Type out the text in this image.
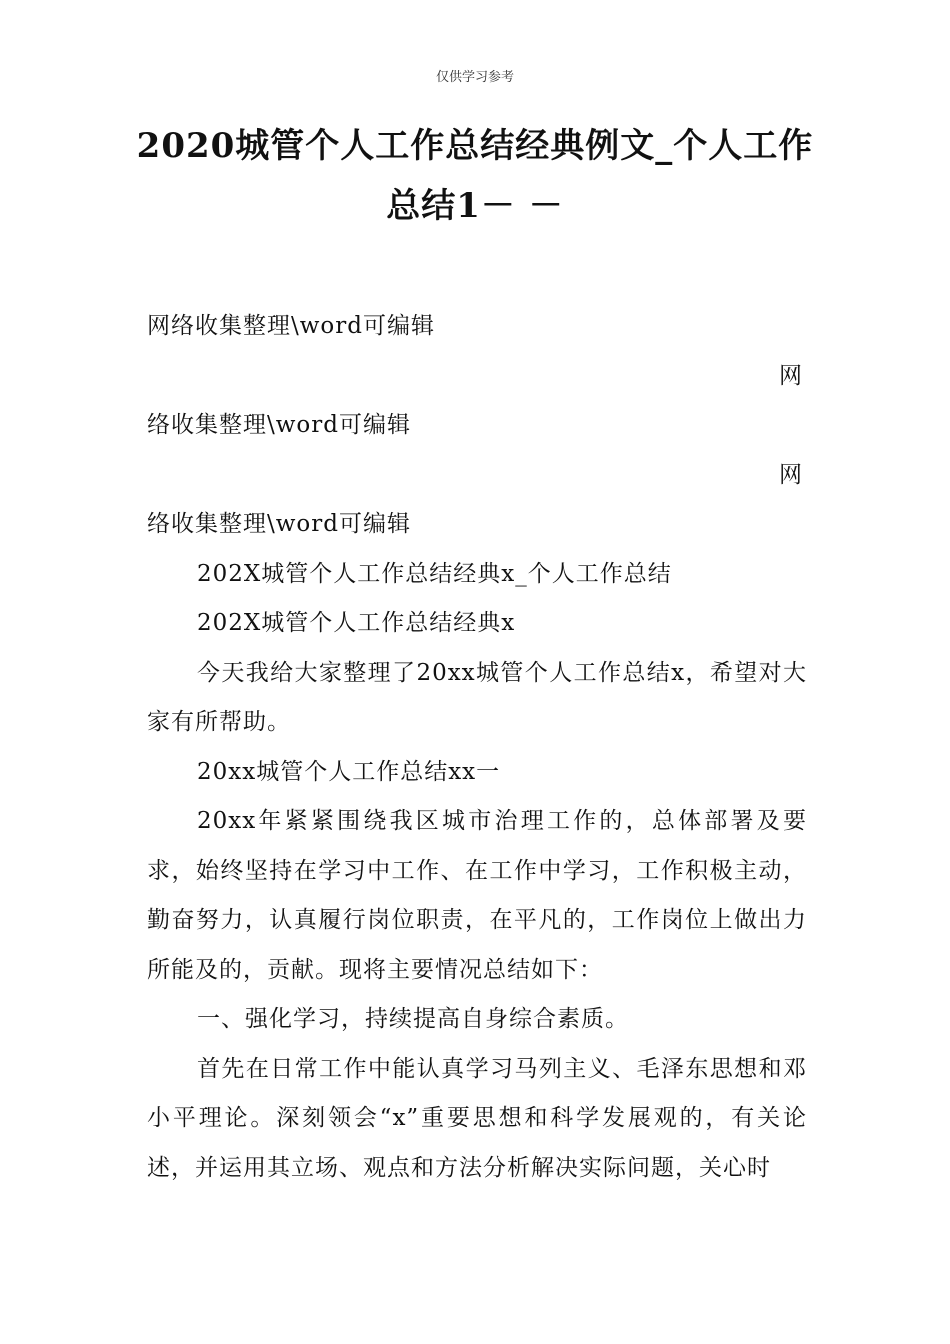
仅供学习参考
2020城管个人工作总结经典例文_个人工作总结1－ －

网络收集整理\word可编辑

网

络收集整理\word可编辑

网

络收集整理\word可编辑

202X城管个人工作总结经典x_个人工作总结

202X城管个人工作总结经典x

今天我给大家整理了20xx城管个人工作总结x，希望对大家有所帮助。

20xx城管个人工作总结xx一

20xx年紧紧围绕我区城市治理工作的，总体部署及要求，始终坚持在学习中工作、在工作中学习，工作积极主动，勤奋努力，认真履行岗位职责，在平凡的，工作岗位上做出力所能及的，贡献。现将主要情况总结如下：

一、强化学习，持续提高自身综合素质。

首先在日常工作中能认真学习马列主义、毛泽东思想和邓小平理论。深刻领会“x”重要思想和科学发展观的，有关论述，并运用其立场、观点和方法分析解决实际问题，关心时
